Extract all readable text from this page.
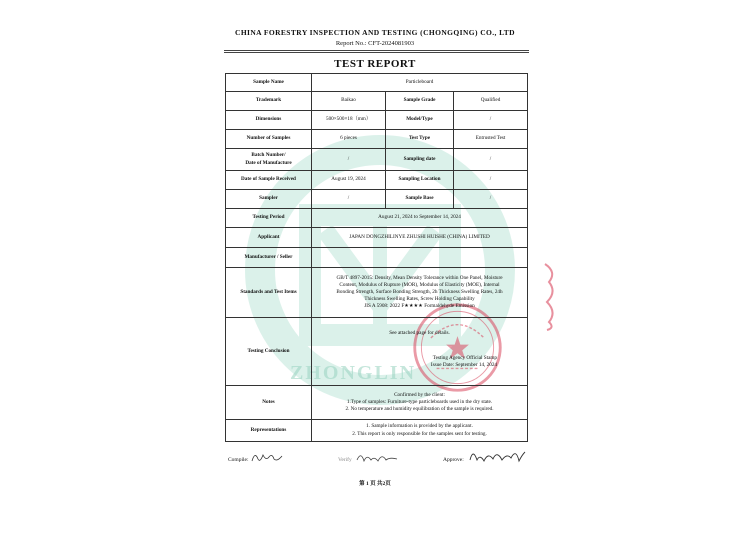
ZHONGLIN
CHINA FORESTRY INSPECTION AND TESTING (CHONGQING) CO., LTD
Report No.: CFT-2024081903
TEST REPORT
Sample Name	Particleboard		
Trademark	Baikao	Sample Grade	Qualified
Dimensions	500×500×18（mm）	Model/Type	/
Number of Samples	6 pieces	Test Type	Entrusted Test
Batch Number/
Date of Manufacture	/	Sampling date	/
Date of Sample Received	August 19, 2024	Sampling Location	/
Sampler	/	Sample Base	/
Testing Period	August 21, 2024 to September 14, 2024		
Applicant	JAPAN DONGZHILINYE ZHUSHI HUISHE (CHINA) LIMITED		
Manufacturer / Seller			
Standards and Test Items	GB/T 4897-2015: Density, Mean Density Tolerance within One Panel, Moisture
Content, Modulus of Rupture (MOR), Modulus of Elasticity (MOE), Internal
Bonding Strength, Surface Bonding Strength, 2h Thickness Swelling Rates, 24h
Thickness Swelling Rates, Screw Holding Capability
JIS A 5908: 2022 F★★★★ Formaldehyde Emission		
Testing Conclusion	See attached page for details.
Testing Agency Official Stamp
Issue Date: September 14, 2024		

Notes	Confirmed by the client:
1.Type of samples: Furniture-type particleboards used in the dry state.
2. No temperature and humidity equilibration of the sample is required.		
Representations	1. Sample information is provided by the applicant.
2. This report is only responsible for the samples sent for testing.		
Compile:	Verify	Approve:
第 1 页 共2页
